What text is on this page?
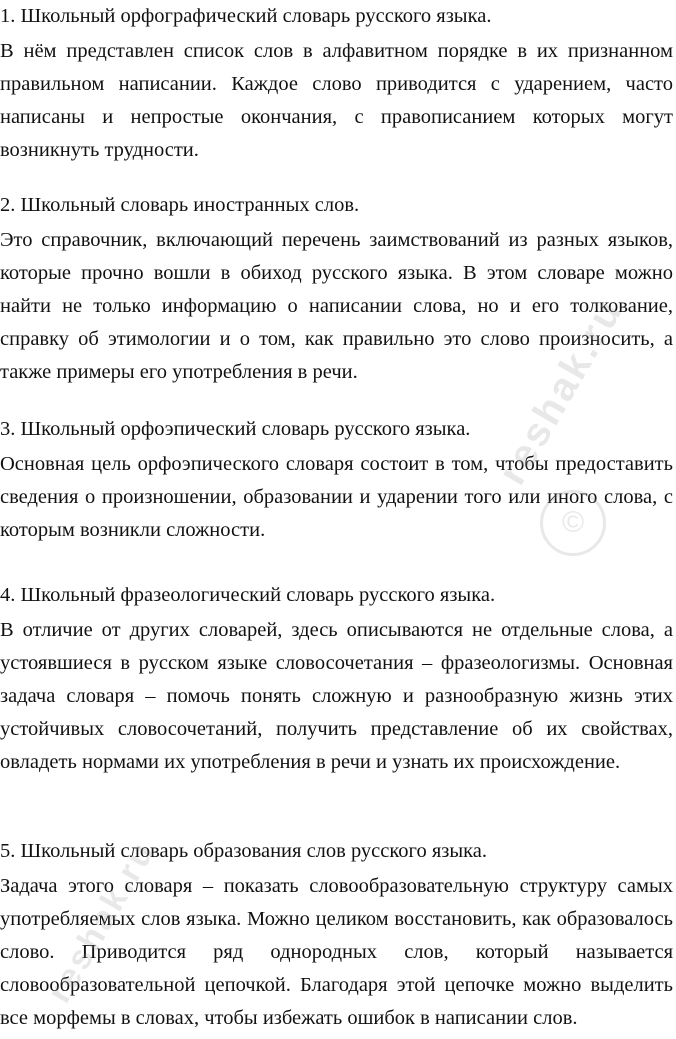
1. Школьный орфографический словарь русского языка.

В нём представлен список слов в алфавитном порядке в их признанном правильном написании. Каждое слово приводится с ударением, часто написаны и непростые окончания, с правописанием которых могут возникнуть трудности.

2. Школьный словарь иностранных слов.

Это справочник, включающий перечень заимствований из разных языков, которые прочно вошли в обиход русского языка. В этом словаре можно найти не только информацию о написании слова, но и его толкование, справку об этимологии и о том, как правильно это слово произносить, а также примеры его употребления в речи.

3. Школьный орфоэпический словарь русского языка.

Основная цель орфоэпического словаря состоит в том, чтобы предоставить сведения о произношении, образовании и ударении того или иного слова, с которым возникли сложности.

4. Школьный фразеологический словарь русского языка.

В отличие от других словарей, здесь описываются не отдельные слова, а устоявшиеся в русском языке словосочетания – фразеологизмы. Основная задача словаря – помочь понять сложную и разнообразную жизнь этих устойчивых словосочетаний, получить представление об их свойствах, овладеть нормами их употребления в речи и узнать их происхождение.

5. Школьный словарь образования слов русского языка.

Задача этого словаря – показать словообразовательную структуру самых употребляемых слов языка. Можно целиком восстановить, как образовалось слово. Приводится ряд однородных слов, который называется словообразовательной цепочкой. Благодаря этой цепочке можно выделить все морфемы в словах, чтобы избежать ошибок в написании слов.

reshak.ru
©
reshak.ru
